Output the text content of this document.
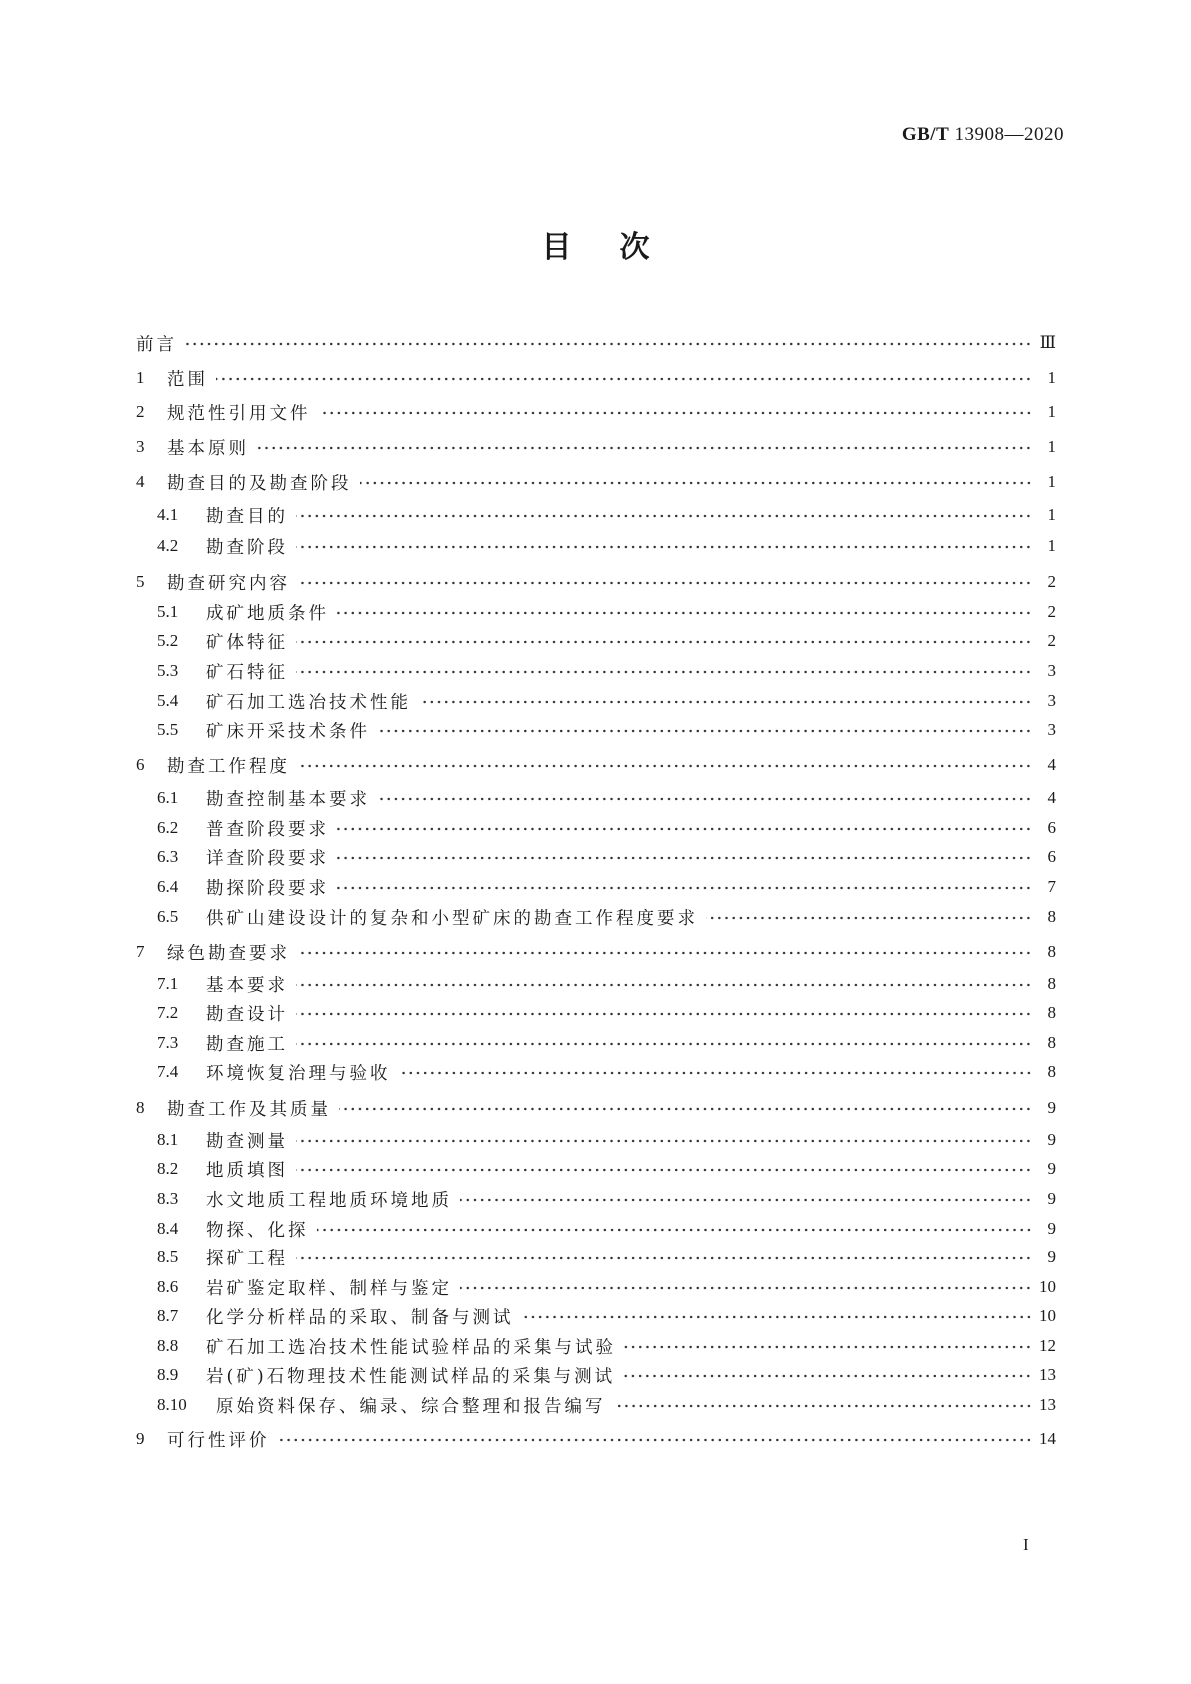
GB/T 13908—2020
目次
前言	Ⅲ
1	范围	1
2	规范性引用文件	1
3	基本原则	1
4	勘查目的及勘查阶段	1
4.1	勘查目的	1
4.2	勘查阶段	1
5	勘查研究内容	2
5.1	成矿地质条件	2
5.2	矿体特征	2
5.3	矿石特征	3
5.4	矿石加工选冶技术性能	3
5.5	矿床开采技术条件	3
6	勘查工作程度	4
6.1	勘查控制基本要求	4
6.2	普查阶段要求	6
6.3	详查阶段要求	6
6.4	勘探阶段要求	7
6.5	供矿山建设设计的复杂和小型矿床的勘查工作程度要求	8
7	绿色勘查要求	8
7.1	基本要求	8
7.2	勘查设计	8
7.3	勘查施工	8
7.4	环境恢复治理与验收	8
8	勘查工作及其质量	9
8.1	勘查测量	9
8.2	地质填图	9
8.3	水文地质工程地质环境地质	9
8.4	物探、化探	9
8.5	探矿工程	9
8.6	岩矿鉴定取样、制样与鉴定	10
8.7	化学分析样品的采取、制备与测试	10
8.8	矿石加工选冶技术性能试验样品的采集与试验	12
8.9	岩(矿)石物理技术性能测试样品的采集与测试	13
8.10	原始资料保存、编录、综合整理和报告编写	13
9	可行性评价	14
I
